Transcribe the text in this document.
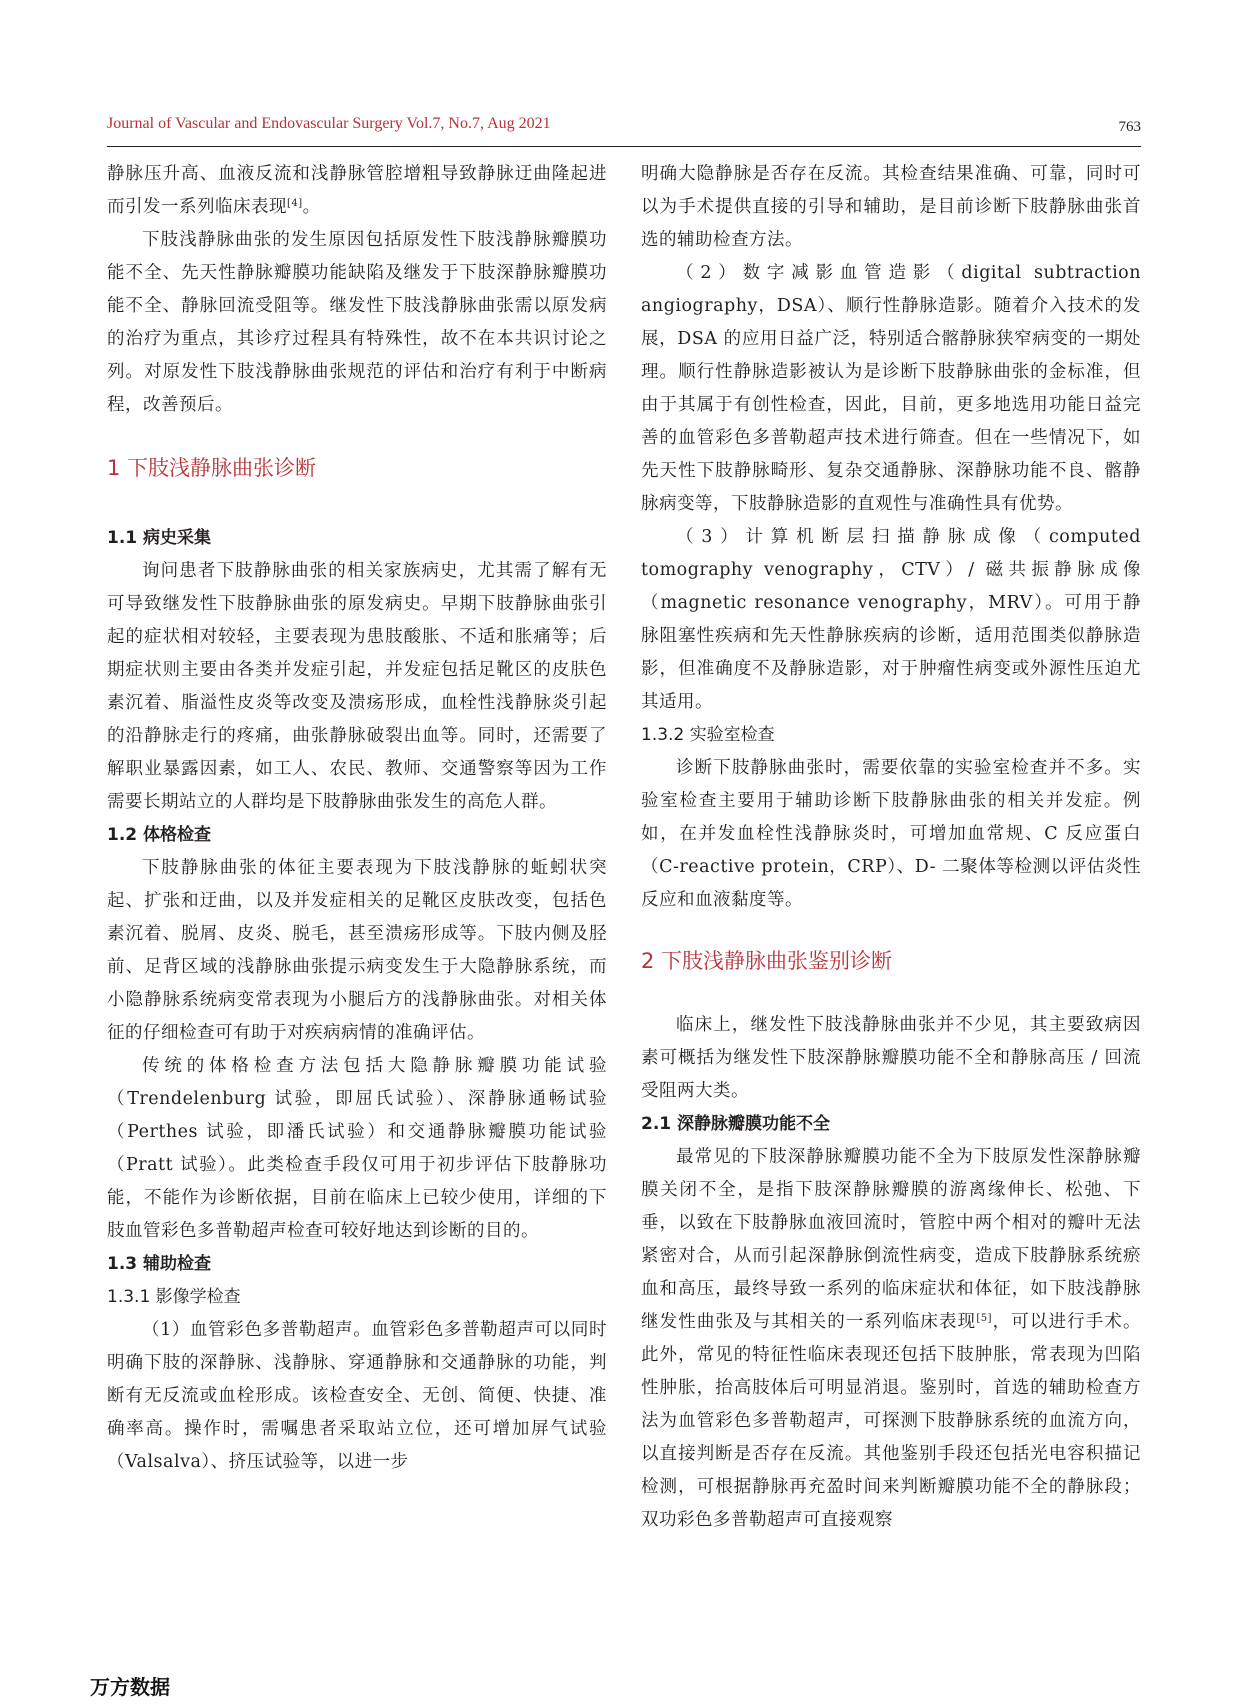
Journal of Vascular and Endovascular Surgery Vol.7, No.7, Aug 2021	763

静脉压升高、血液反流和浅静脉管腔增粗导致静脉迂曲隆起进而引发一系列临床表现[4]。

下肢浅静脉曲张的发生原因包括原发性下肢浅静脉瓣膜功能不全、先天性静脉瓣膜功能缺陷及继发于下肢深静脉瓣膜功能不全、静脉回流受阻等。继发性下肢浅静脉曲张需以原发病的治疗为重点，其诊疗过程具有特殊性，故不在本共识讨论之列。对原发性下肢浅静脉曲张规范的评估和治疗有利于中断病程，改善预后。

1 下肢浅静脉曲张诊断
1.1 病史采集

询问患者下肢静脉曲张的相关家族病史，尤其需了解有无可导致继发性下肢静脉曲张的原发病史。早期下肢静脉曲张引起的症状相对较轻，主要表现为患肢酸胀、不适和胀痛等；后期症状则主要由各类并发症引起，并发症包括足靴区的皮肤色素沉着、脂溢性皮炎等改变及溃疡形成，血栓性浅静脉炎引起的沿静脉走行的疼痛，曲张静脉破裂出血等。同时，还需要了解职业暴露因素，如工人、农民、教师、交通警察等因为工作需要长期站立的人群均是下肢静脉曲张发生的高危人群。

1.2 体格检查

下肢静脉曲张的体征主要表现为下肢浅静脉的蚯蚓状突起、扩张和迂曲，以及并发症相关的足靴区皮肤改变，包括色素沉着、脱屑、皮炎、脱毛，甚至溃疡形成等。下肢内侧及胫前、足背区域的浅静脉曲张提示病变发生于大隐静脉系统，而小隐静脉系统病变常表现为小腿后方的浅静脉曲张。对相关体征的仔细检查可有助于对疾病病情的准确评估。

传统的体格检查方法包括大隐静脉瓣膜功能试验（Trendelenburg 试验，即屈氏试验）、深静脉通畅试验（Perthes 试验，即潘氏试验）和交通静脉瓣膜功能试验（Pratt 试验）。此类检查手段仅可用于初步评估下肢静脉功能，不能作为诊断依据，目前在临床上已较少使用，详细的下肢血管彩色多普勒超声检查可较好地达到诊断的目的。

1.3 辅助检查
1.3.1 影像学检查

（1）血管彩色多普勒超声。血管彩色多普勒超声可以同时明确下肢的深静脉、浅静脉、穿通静脉和交通静脉的功能，判断有无反流或血栓形成。该检查安全、无创、简便、快捷、准确率高。操作时，需嘱患者采取站立位，还可增加屏气试验（Valsalva）、挤压试验等，以进一步

明确大隐静脉是否存在反流。其检查结果准确、可靠，同时可以为手术提供直接的引导和辅助，是目前诊断下肢静脉曲张首选的辅助检查方法。

（2）数字减影血管造影（digital subtraction angiography，DSA）、顺行性静脉造影。随着介入技术的发展，DSA 的应用日益广泛，特别适合髂静脉狭窄病变的一期处理。顺行性静脉造影被认为是诊断下肢静脉曲张的金标准，但由于其属于有创性检查，因此，目前，更多地选用功能日益完善的血管彩色多普勒超声技术进行筛查。但在一些情况下，如先天性下肢静脉畸形、复杂交通静脉、深静脉功能不良、髂静脉病变等，下肢静脉造影的直观性与准确性具有优势。

（3）计算机断层扫描静脉成像（computed tomography venography，CTV）/ 磁共振静脉成像（magnetic resonance venography，MRV）。可用于静脉阻塞性疾病和先天性静脉疾病的诊断，适用范围类似静脉造影，但准确度不及静脉造影，对于肿瘤性病变或外源性压迫尤其适用。

1.3.2 实验室检查

诊断下肢静脉曲张时，需要依靠的实验室检查并不多。实验室检查主要用于辅助诊断下肢静脉曲张的相关并发症。例如，在并发血栓性浅静脉炎时，可增加血常规、C 反应蛋白（C-reactive protein，CRP）、D- 二聚体等检测以评估炎性反应和血液黏度等。

2 下肢浅静脉曲张鉴别诊断

临床上，继发性下肢浅静脉曲张并不少见，其主要致病因素可概括为继发性下肢深静脉瓣膜功能不全和静脉高压 / 回流受阻两大类。

2.1 深静脉瓣膜功能不全

最常见的下肢深静脉瓣膜功能不全为下肢原发性深静脉瓣膜关闭不全，是指下肢深静脉瓣膜的游离缘伸长、松弛、下垂，以致在下肢静脉血液回流时，管腔中两个相对的瓣叶无法紧密对合，从而引起深静脉倒流性病变，造成下肢静脉系统瘀血和高压，最终导致一系列的临床症状和体征，如下肢浅静脉继发性曲张及与其相关的一系列临床表现[5]，可以进行手术。此外，常见的特征性临床表现还包括下肢肿胀，常表现为凹陷性肿胀，抬高肢体后可明显消退。鉴别时，首选的辅助检查方法为血管彩色多普勒超声，可探测下肢静脉系统的血流方向，以直接判断是否存在反流。其他鉴别手段还包括光电容积描记检测，可根据静脉再充盈时间来判断瓣膜功能不全的静脉段；双功彩色多普勒超声可直接观察

万方数据
